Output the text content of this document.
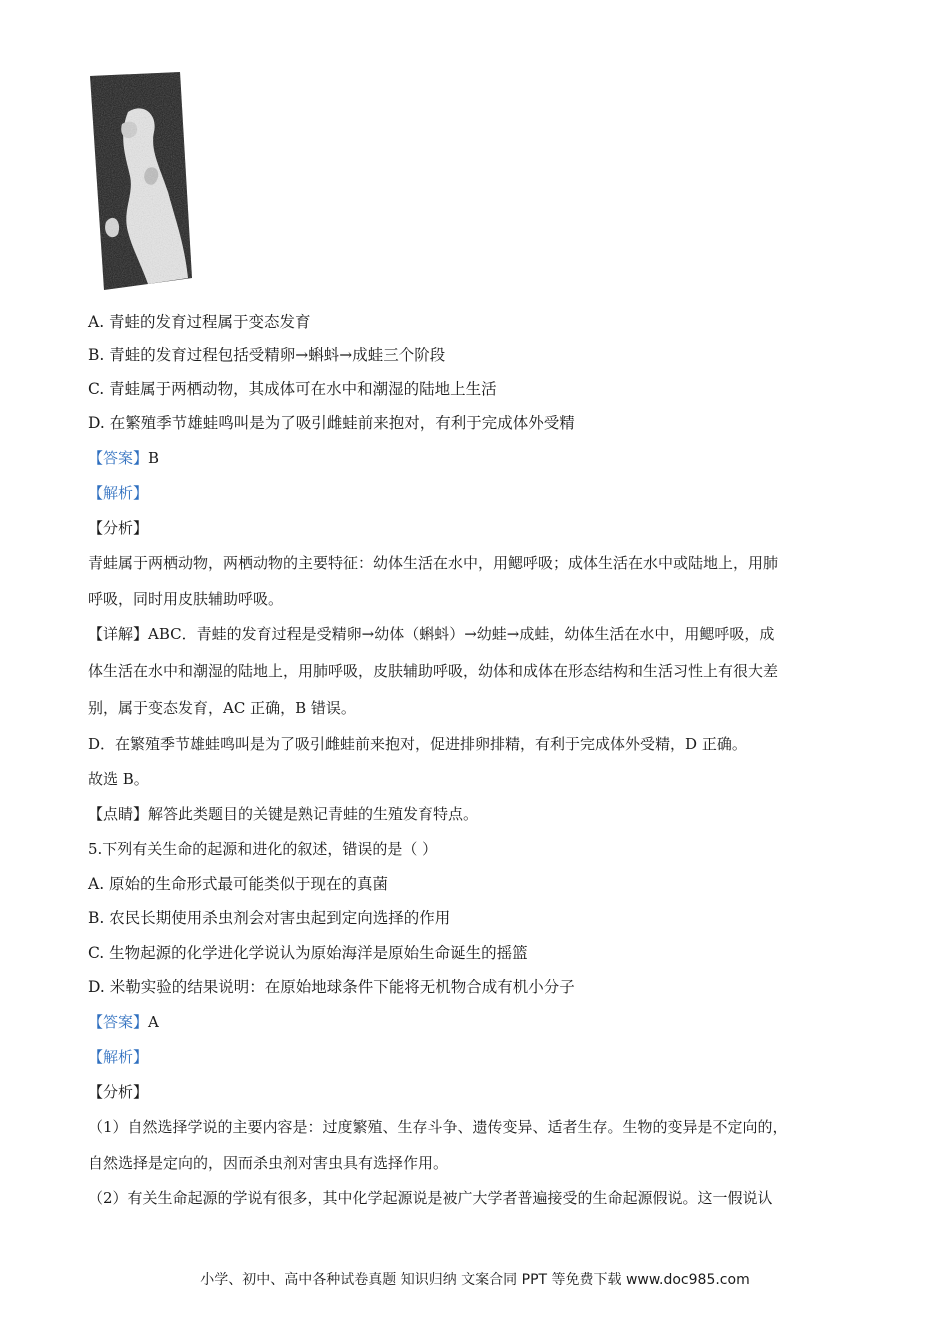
A. 青蛙的发育过程属于变态发育
B. 青蛙的发育过程包括受精卵→蝌蚪→成蛙三个阶段
C. 青蛙属于两栖动物，其成体可在水中和潮湿的陆地上生活
D. 在繁殖季节雄蛙鸣叫是为了吸引雌蛙前来抱对，有利于完成体外受精
【答案】B
【解析】
【分析】
青蛙属于两栖动物，两栖动物的主要特征：幼体生活在水中，用鳃呼吸；成体生活在水中或陆地上，用肺
呼吸，同时用皮肤辅助呼吸。
【详解】ABC．青蛙的发育过程是受精卵→幼体（蝌蚪）→幼蛙→成蛙，幼体生活在水中，用鳃呼吸，成
体生活在水中和潮湿的陆地上，用肺呼吸，皮肤辅助呼吸，幼体和成体在形态结构和生活习性上有很大差
别，属于变态发育，AC 正确，B 错误。
D．在繁殖季节雄蛙鸣叫是为了吸引雌蛙前来抱对，促进排卵排精，有利于完成体外受精，D 正确。
故选 B。
【点睛】解答此类题目的关键是熟记青蛙的生殖发育特点。
5.下列有关生命的起源和进化的叙述，错误的是（ ）
A. 原始的生命形式最可能类似于现在的真菌
B. 农民长期使用杀虫剂会对害虫起到定向选择的作用
C. 生物起源的化学进化学说认为原始海洋是原始生命诞生的摇篮
D. 米勒实验的结果说明：在原始地球条件下能将无机物合成有机小分子
【答案】A
【解析】
【分析】
（1）自然选择学说的主要内容是：过度繁殖、生存斗争、遗传变异、适者生存。生物的变异是不定向的，
自然选择是定向的，因而杀虫剂对害虫具有选择作用。
（2）有关生命起源的学说有很多，其中化学起源说是被广大学者普遍接受的生命起源假说。这一假说认
小学、初中、高中各种试卷真题 知识归纳 文案合同 PPT 等免费下载 www.doc985.com
